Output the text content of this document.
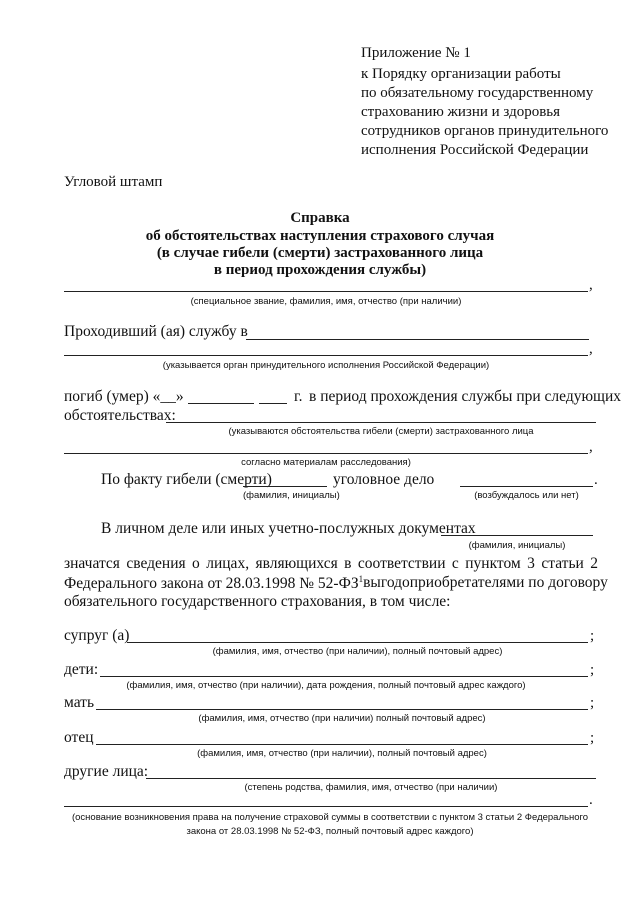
Приложение № 1
к Порядку организации работы
по обязательному государственному
страхованию жизни и здоровья
сотрудников органов принудительного
исполнения Российской Федерации
Угловой штамп
Справка
об обстоятельствах наступления страхового случая
(в случае гибели (смерти) застрахованного лица
в период прохождения службы)
,
(специальное звание, фамилия, имя, отчество (при наличии)
Проходивший (ая) службу в
,
(указывается орган принудительного исполнения Российской Федерации)
погиб (умер) «__»	г. в период прохождения службы при следующих
обстоятельствах:
(указываются обстоятельства гибели (смерти) застрахованного лица
,
согласно материалам расследования)
По факту гибели (смерти)	уголовное дело	.
(фамилия, инициалы)	(возбуждалось или нет)
В личном деле или иных учетно-послужных документах
(фамилия, инициалы)
значатся сведения о лицах, являющихся в соответствии с пунктом 3 статьи 2
Федерального закона от 28.03.1998 № $52-ФЗ^1$ выгодоприобретателями по договору
обязательного государственного страхования, в том числе:
супруг (а)	;
(фамилия, имя, отчество (при наличии), полный почтовый адрес)
дети:	;
(фамилия, имя, отчество (при наличии), дата рождения, полный почтовый адрес каждого)
мать	;
(фамилия, имя, отчество (при наличии) полный почтовый адрес)
отец	;
(фамилия, имя, отчество (при наличии), полный почтовый адрес)
другие лица:
(степень родства, фамилия, имя, отчество (при наличии)
.
(основание возникновения права на получение страховой суммы в соответствии с пунктом 3 статьи 2 Федерального
закона от 28.03.1998 № 52-ФЗ, полный почтовый адрес каждого)
